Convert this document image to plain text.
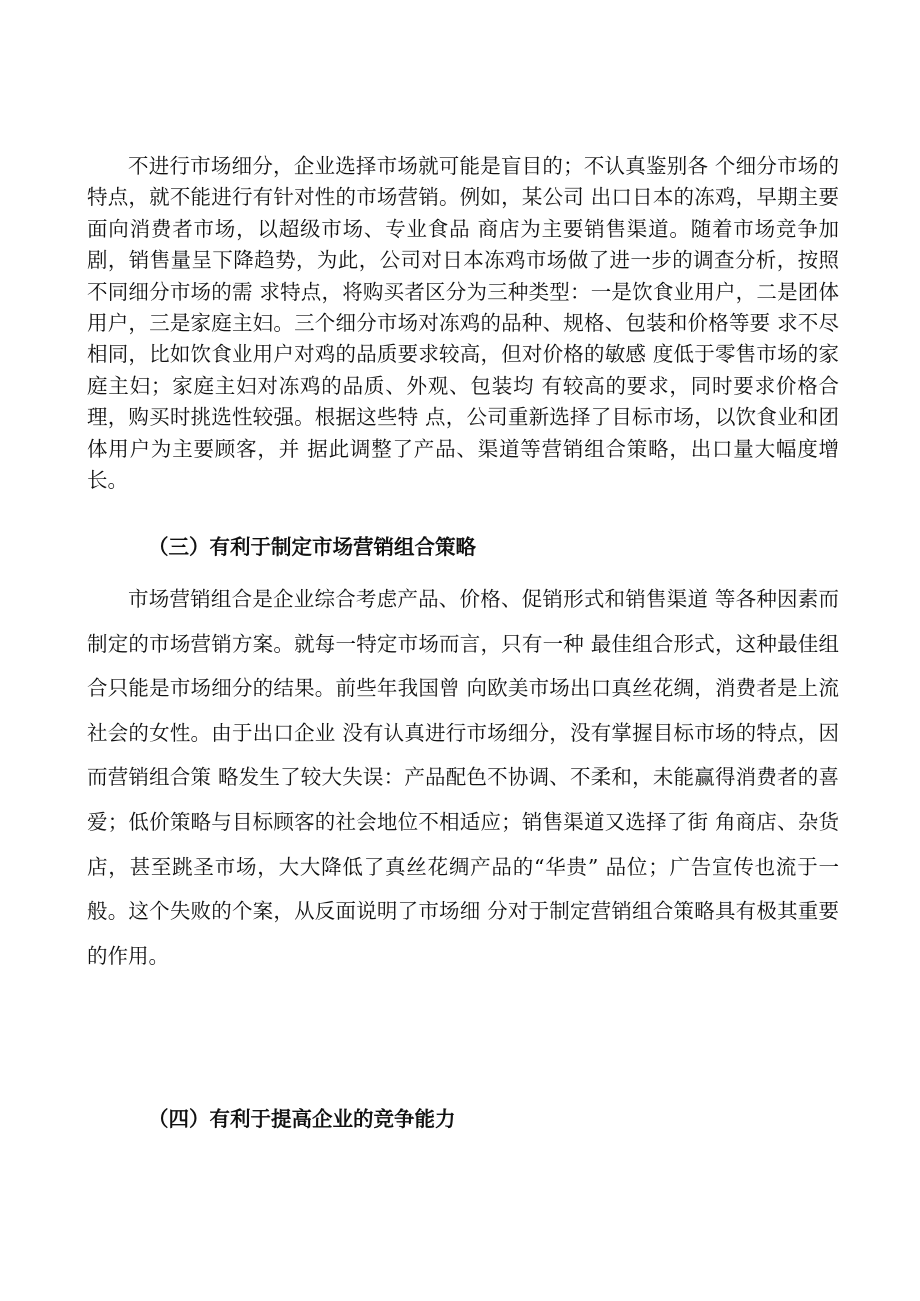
不进行市场细分，企业选择市场就可能是盲目的；不认真鉴别各 个细分市场的特点，就不能进行有针对性的市场营销。例如，某公司 出口日本的冻鸡，早期主要面向消费者市场，以超级市场、专业食品 商店为主要销售渠道。随着市场竞争加剧，销售量呈下降趋势，为此，公司对日本冻鸡市场做了进一步的调查分析，按照不同细分市场的需 求特点，将购买者区分为三种类型：一是饮食业用户，二是团体用户，三是家庭主妇。三个细分市场对冻鸡的品种、规格、包装和价格等要 求不尽相同，比如饮食业用户对鸡的品质要求较高，但对价格的敏感 度低于零售市场的家庭主妇；家庭主妇对冻鸡的品质、外观、包装均 有较高的要求，同时要求价格合理，购买时挑选性较强。根据这些特 点，公司重新选择了目标市场，以饮食业和团体用户为主要顾客，并 据此调整了产品、渠道等营销组合策略，出口量大幅度增长。

（三）有利于制定市场营销组合策略

市场营销组合是企业综合考虑产品、价格、促销形式和销售渠道 等各种因素而制定的市场营销方案。就每一特定市场而言，只有一种 最佳组合形式，这种最佳组合只能是市场细分的结果。前些年我国曾 向欧美市场出口真丝花绸，消费者是上流社会的女性。由于出口企业 没有认真进行市场细分，没有掌握目标市场的特点，因而营销组合策 略发生了较大失误：产品配色不协调、不柔和，未能赢得消费者的喜 爱；低价策略与目标顾客的社会地位不相适应；销售渠道又选择了街 角商店、杂货店，甚至跳圣市场，大大降低了真丝花绸产品的“华贵” 品位；广告宣传也流于一般。这个失败的个案，从反面说明了市场细 分对于制定营销组合策略具有极其重要的作用。

（四）有利于提高企业的竞争能力
